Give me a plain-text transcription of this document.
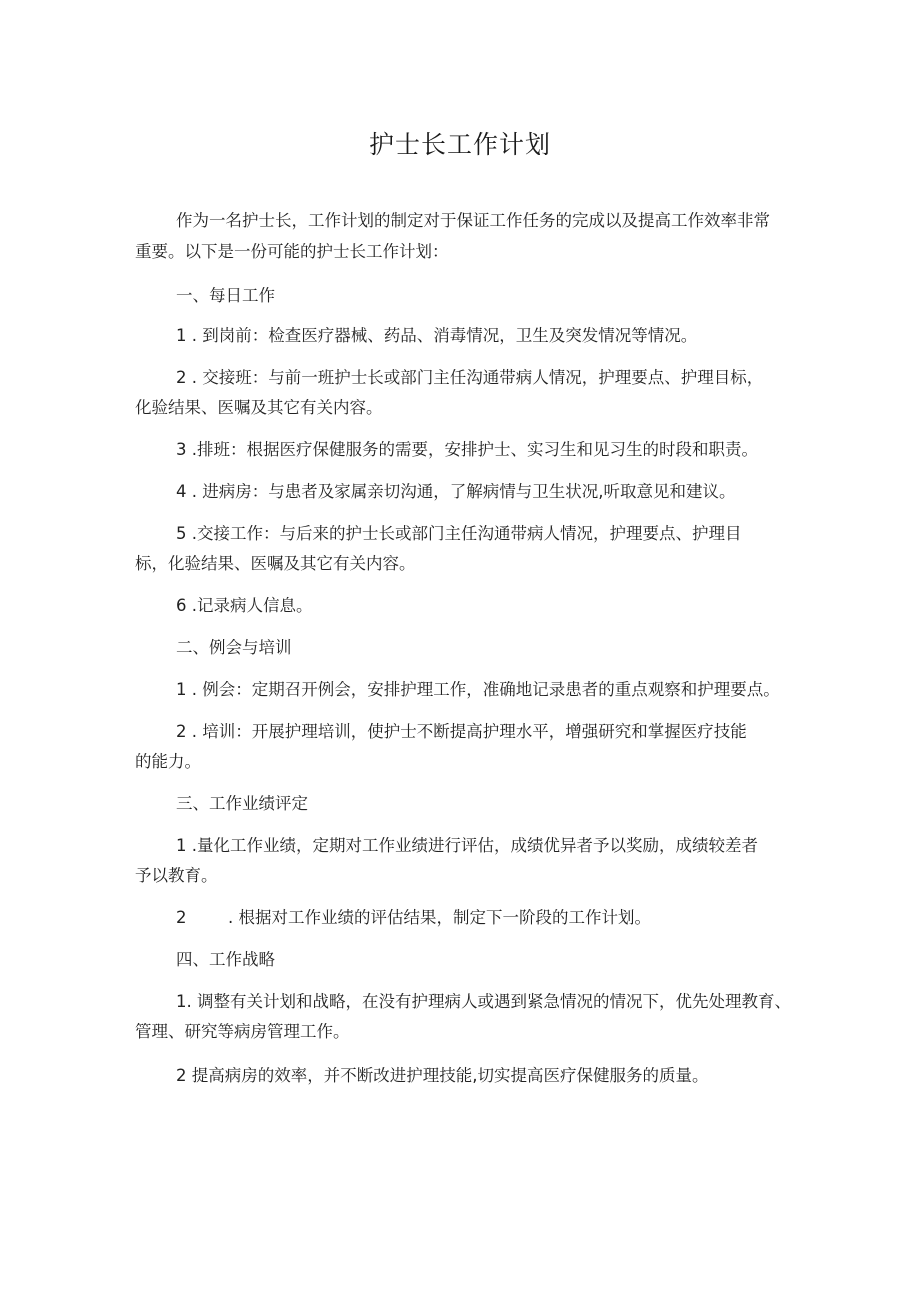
护士长工作计划
作为一名护士长，工作计划的制定对于保证工作任务的完成以及提高工作效率非常
重要。以下是一份可能的护士长工作计划：
一、每日工作
1 . 到岗前：检查医疗器械、药品、消毒情况，卫生及突发情况等情况。
2 . 交接班：与前一班护士长或部门主任沟通带病人情况，护理要点、护理目标，
化验结果、医嘱及其它有关内容。
3 .排班：根据医疗保健服务的需要，安排护士、实习生和见习生的时段和职责。
4 . 进病房：与患者及家属亲切沟通，了解病情与卫生状况,听取意见和建议。
5 .交接工作：与后来的护士长或部门主任沟通带病人情况，护理要点、护理目
标，化验结果、医嘱及其它有关内容。
6 .记录病人信息。
二、例会与培训
1 . 例会：定期召开例会，安排护理工作，准确地记录患者的重点观察和护理要点。
2 . 培训：开展护理培训，使护士不断提高护理水平，增强研究和掌握医疗技能
的能力。
三、工作业绩评定
1 .量化工作业绩，定期对工作业绩进行评估，成绩优异者予以奖励，成绩较差者
予以教育。
2	. 根据对工作业绩的评估结果，制定下一阶段的工作计划。
四、工作战略
1. 调整有关计划和战略，在没有护理病人或遇到紧急情况的情况下，优先处理教育、
管理、研究等病房管理工作。
2 提高病房的效率，并不断改进护理技能,切实提高医疗保健服务的质量。
